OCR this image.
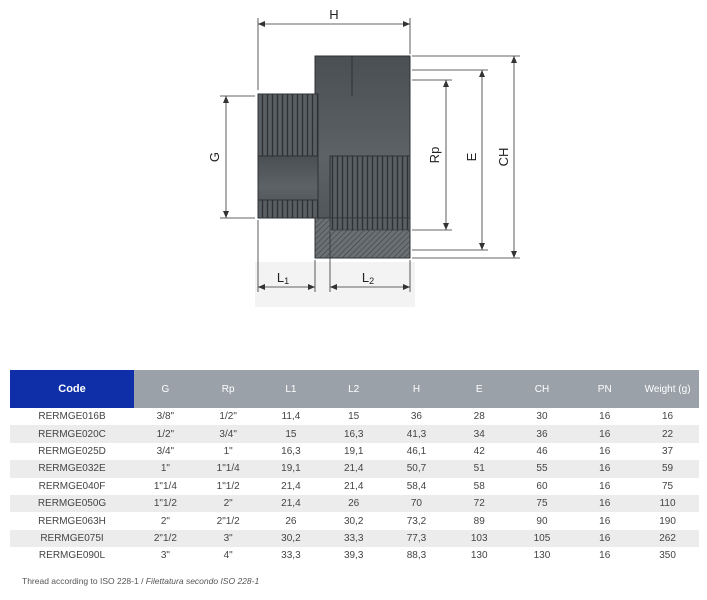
H
G	Rp E CH
L1	L2
Code	G	Rp	L1	L2	H	E	CH	PN	Weight (g)
RERMGE016B	3/8"	1/2"	11,4	15	36	28	30	16	16
RERMGE020C	1/2"	3/4"	15	16,3	41,3	34	36	16	22
RERMGE025D	3/4"	1"	16,3	19,1	46,1	42	46	16	37
RERMGE032E	1"	1"1/4	19,1	21,4	50,7	51	55	16	59
RERMGE040F	1"1/4	1"1/2	21,4	21,4	58,4	58	60	16	75
RERMGE050G	1"1/2	2"	21,4	26	70	72	75	16	110
RERMGE063H	2"	2"1/2	26	30,2	73,2	89	90	16	190
RERMGE075I	2"1/2	3"	30,2	33,3	77,3	103	105	16	262
RERMGE090L	3"	4"	33,3	39,3	88,3	130	130	16	350
Thread according to ISO 228-1 / Filettatura secondo ISO 228-1
